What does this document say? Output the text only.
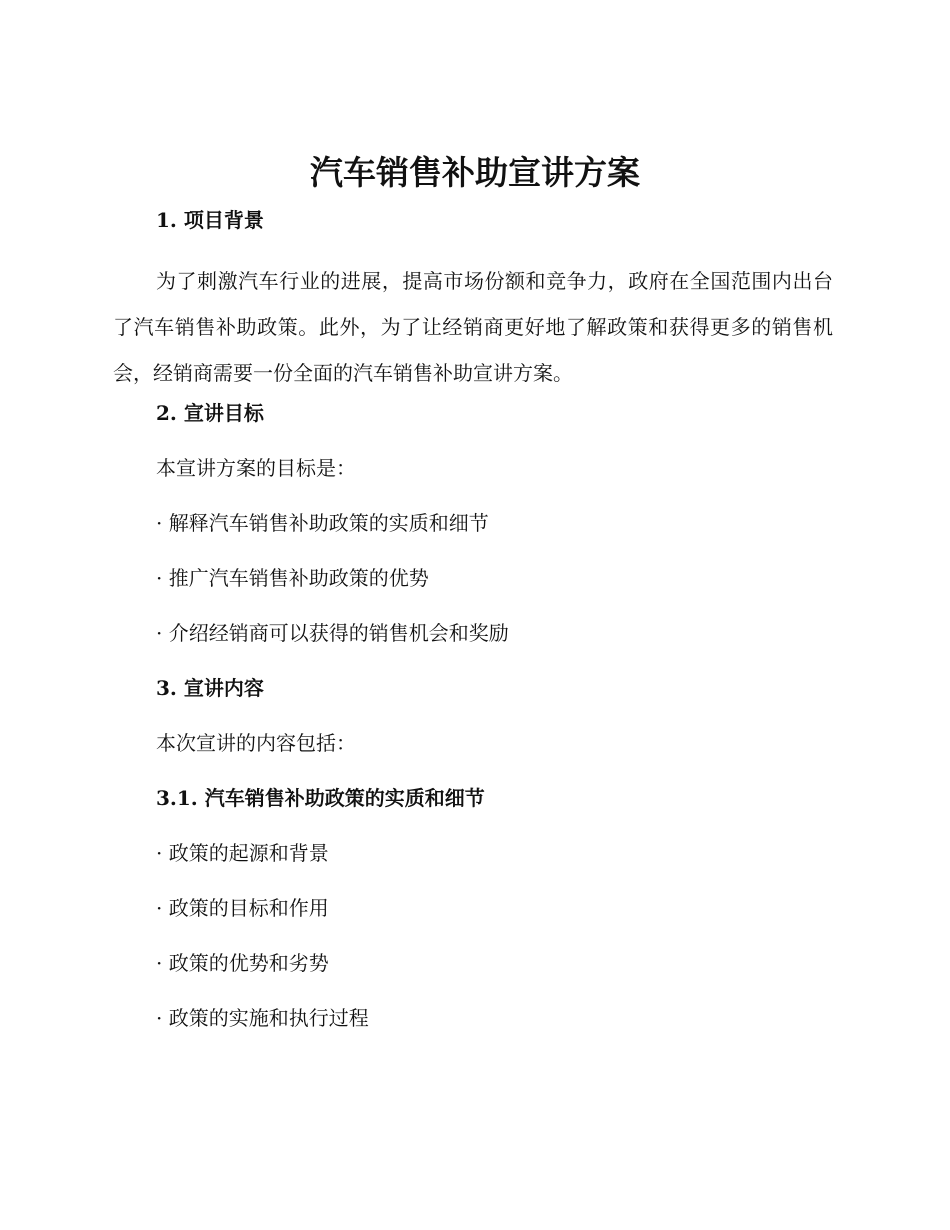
汽车销售补助宣讲方案
1. 项目背景

为了刺激汽车行业的进展，提高市场份额和竞争力，政府在全国范围内出台了汽车销售补助政策。此外，为了让经销商更好地了解政策和获得更多的销售机会，经销商需要一份全面的汽车销售补助宣讲方案。

2. 宣讲目标
本宣讲方案的目标是：
· 解释汽车销售补助政策的实质和细节
· 推广汽车销售补助政策的优势
· 介绍经销商可以获得的销售机会和奖励
3. 宣讲内容
本次宣讲的内容包括：
3.1. 汽车销售补助政策的实质和细节
· 政策的起源和背景
· 政策的目标和作用
· 政策的优势和劣势
· 政策的实施和执行过程
